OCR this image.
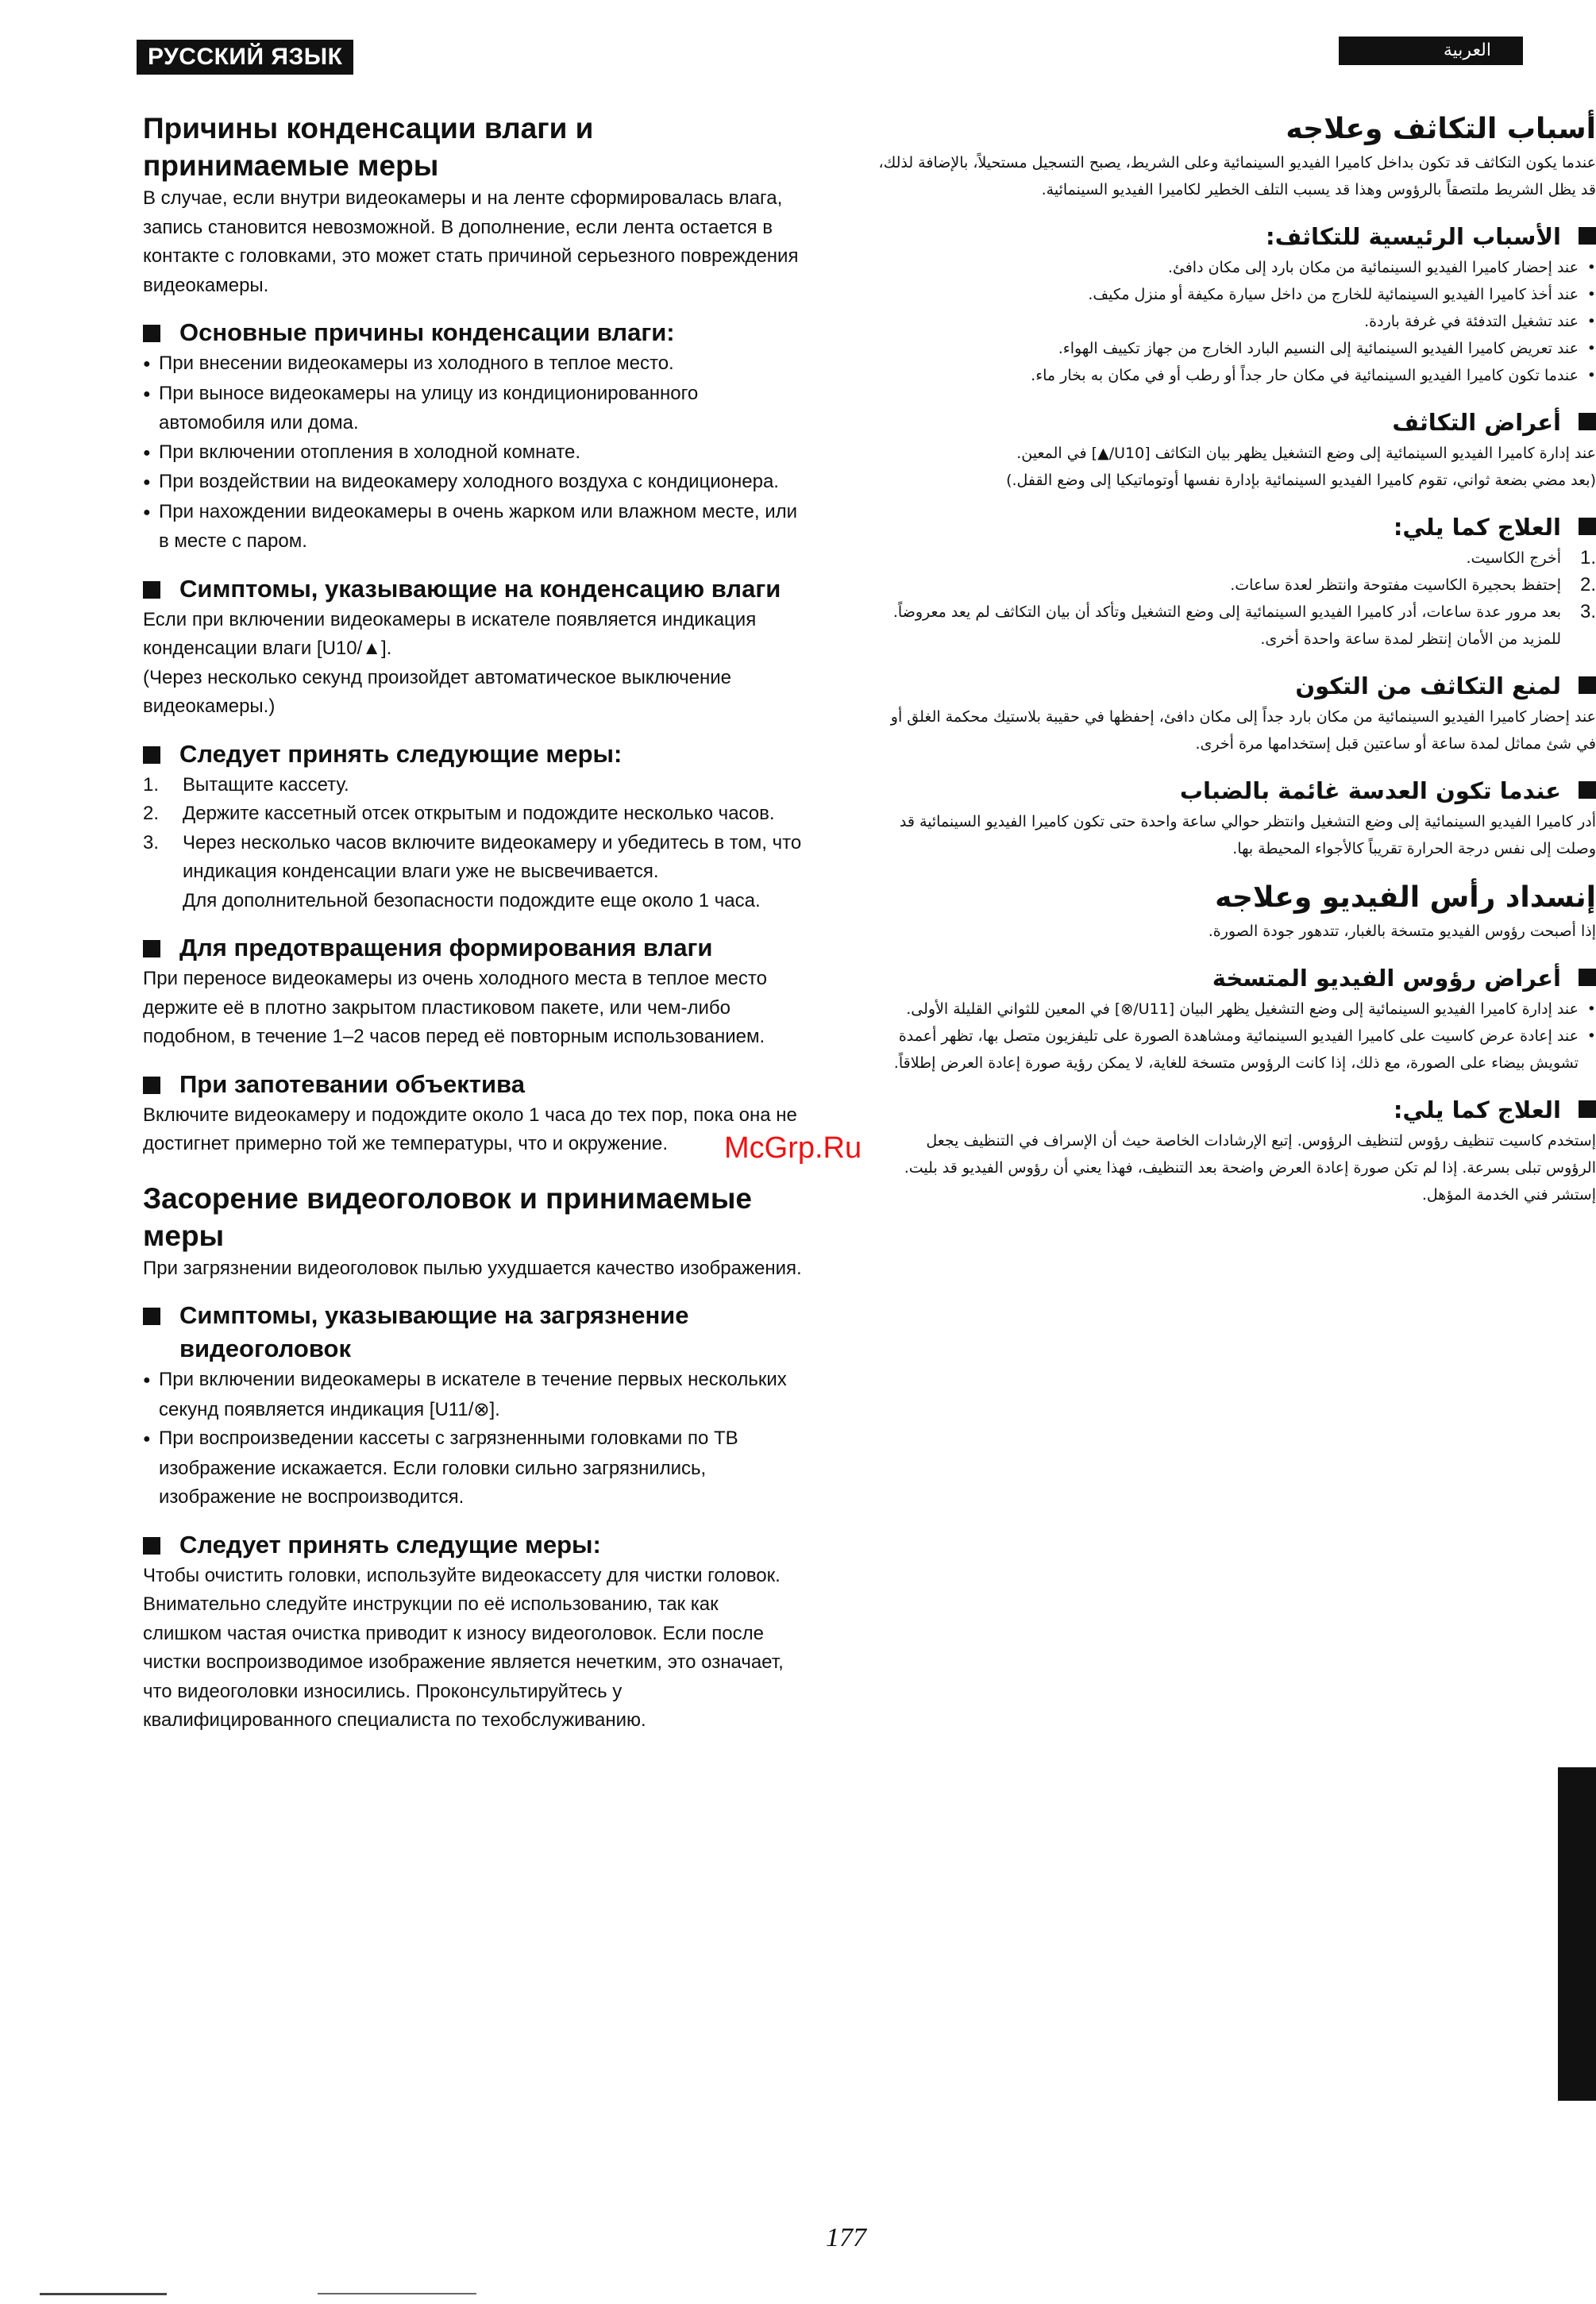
РУССКИЙ ЯЗЫК	العربية

Причины конденсации влаги и принимаемые меры

В случае, если внутри видеокамеры и на ленте сформировалась влага, запись становится невозможной. В дополнение, если лента остается в контакте с головками, это может стать причиной серьезного повреждения видеокамеры.

Основные причины конденсации влаги:

● При внесении видеокамеры из холодного в теплое место.

● При выносе видеокамеры на улицу из кондиционированного автомобиля или дома.

● При включении отопления в холодной комнате.

● При воздействии на видеокамеру холодного воздуха с кондиционера.

● При нахождении видеокамеры в очень жарком или влажном месте, или в месте с паром.

Симптомы, указывающие на конденсацию влаги

Если при включении видеокамеры в искателе появляется индикация конденсации влаги [U10/▲].

(Через несколько секунд произойдет автоматическое выключение видеокамеры.)

Следует принять следующие меры:

1. Вытащите кассету.

2. Держите кассетный отсек открытым и подождите несколько часов.

3. Через несколько часов включите видеокамеру и убедитесь в том, что индикация конденсации влаги уже не высвечивается.

Для дополнительной безопасности подождите еще около 1 часа.

Для предотвращения формирования влаги

При переносе видеокамеры из очень холодного места в теплое место держите её в плотно закрытом пластиковом пакете, или чем-либо подобном, в течение 1–2 часов перед её повторным использованием.

При запотевании объектива

Включите видеокамеру и подождите около 1 часа до тех пор, пока она не достигнет примерно той же температуры, что и окружение.

Засорение видеоголовок и принимаемые меры

При загрязнении видеоголовок пылью ухудшается качество изображения.

Симптомы, указывающие на загрязнение видеоголовок

● При включении видеокамеры в искателе в течение первых нескольких секунд появляется индикация [U11/⊗].

● При воспроизведении кассеты с загрязненными головками по ТВ изображение искажается. Если головки сильно загрязнились, изображение не воспроизводится.

Следует принять следущие меры:

Чтобы очистить головки, используйте видеокассету для чистки головок. Внимательно следуйте инструкции по её использованию, так как слишком частая очистка приводит к износу видеоголовок. Если после чистки воспроизводимое изображение является нечетким, это означает, что видеоголовки износились. Проконсультируйтесь у квалифицированного специалиста по техобслуживанию.

أسباب التكاثف وعلاجه

عندما يكون التكاثف قد تكون بداخل كاميرا الفيديو السينمائية وعلى الشريط، يصبح التسجيل مستحيلاً، بالإضافة لذلك، قد يظل الشريط ملتصقاً بالرؤوس وهذا قد يسبب التلف الخطير لكاميرا الفيديو السينمائية.

الأسباب الرئيسية للتكاثف:

• عند إحضار كاميرا الفيديو السينمائية من مكان بارد إلى مكان دافئ.

• عند أخذ كاميرا الفيديو السينمائية للخارج من داخل سيارة مكيفة أو منزل مكيف.

• عند تشغيل التدفئة في غرفة باردة.

• عند تعريض كاميرا الفيديو السينمائية إلى النسيم البارد الخارج من جهاز تكييف الهواء.

• عندما تكون كاميرا الفيديو السينمائية في مكان حار جداً أو رطب أو في مكان به بخار ماء.

أعراض التكاثف

عند إدارة كاميرا الفيديو السينمائية إلى وضع التشغيل يظهر بيان التكاثف [U10/▲] في المعين.

(بعد مضي بضعة ثواني، تقوم كاميرا الفيديو السينمائية بإدارة نفسها أوتوماتيكيا إلى وضع القفل.)

العلاج كما يلي:

.1
أخرج الكاسيت.

.2
إحتفظ بحجيرة الكاسيت مفتوحة وانتظر لعدة ساعات.

.3
بعد مرور عدة ساعات، أدر كاميرا الفيديو السينمائية إلى وضع التشغيل وتأكد أن بيان التكاثف لم يعد معروضاً.

للمزيد من الأمان إنتظر لمدة ساعة واحدة أخرى.

لمنع التكاثف من التكون

عند إحضار كاميرا الفيديو السينمائية من مكان بارد جداً إلى مكان دافئ، إحفظها في حقيبة بلاستيك محكمة الغلق أو في شئ مماثل لمدة ساعة أو ساعتين قبل إستخدامها مرة أخرى.

عندما تكون العدسة غائمة بالضباب

أدر كاميرا الفيديو السينمائية إلى وضع التشغيل وانتظر حوالي ساعة واحدة حتى تكون كاميرا الفيديو السينمائية قد وصلت إلى نفس درجة الحرارة تقريباً كالأجواء المحيطة بها.

إنسداد رأس الفيديو وعلاجه

إذا أصبحت رؤوس الفيديو متسخة بالغبار، تتدهور جودة الصورة.

أعراض رؤوس الفيديو المتسخة

• عند إدارة كاميرا الفيديو السينمائية إلى وضع التشغيل يظهر البيان [U11/⊗] في المعين للثواني القليلة الأولى.

• عند إعادة عرض كاسيت على كاميرا الفيديو السينمائية ومشاهدة الصورة على تليفزيون متصل بها، تظهر أعمدة تشويش بيضاء على الصورة، مع ذلك، إذا كانت الرؤوس متسخة للغاية، لا يمكن رؤية صورة إعادة العرض إطلاقاً.

العلاج كما يلي:

إستخدم كاسيت تنظيف رؤوس لتنظيف الرؤوس. إتبع الإرشادات الخاصة حيث أن الإسراف في التنظيف يجعل الرؤوس تبلى بسرعة. إذا لم تكن صورة إعادة العرض واضحة بعد التنظيف، فهذا يعني أن رؤوس الفيديو قد بليت. إستشر فني الخدمة المؤهل.

McGrp.Ru
177
